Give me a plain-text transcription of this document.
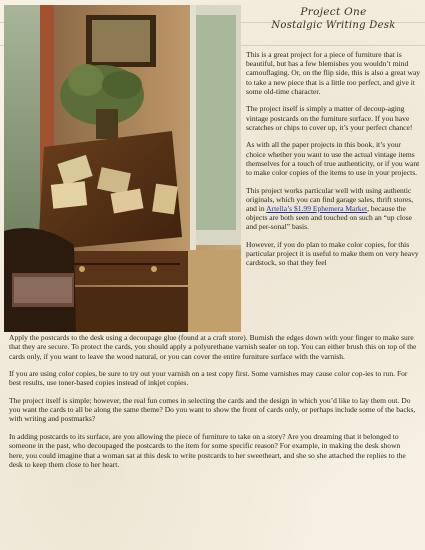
Project One
Nostalgic Writing Desk

This is a great project for a piece of furniture that is beautiful, but has a few blemishes you wouldn’t mind camouflaging. Or, on the flip side, this is also a great way to take a new piece that is a little too perfect, and give it some old-time character.

The project itself is simply a matter of decoup-aging vintage postcards on the furniture surface. If you have scratches or chips to cover up, it’s your perfect chance!

As with all the paper projects in this book, it’s your choice whether you want to use the actual vintage items themselves for a touch of true authenticity, or if you want to make color copies of the items to use in your projects.

This project works particular well with using authentic originals, which you can find garage sales, thrift stores, and in Artella’s $1.99 Ephemera Market, because the objects are both seen and touched on such an “up close and per-sonal” basis.

However, if you do plan to make color copies, for this particular project it is useful to make them on very heavy cardstock, so that they feel

Apply the postcards to the desk using a decoupage glue (found at a craft store). Burnish the edges down with your finger to make sure that they are secure. To protect the cards, you should apply a polyurethane varnish sealer on top. You can either brush this on top of the cards only, if you want to leave the wood natural, or you can cover the entire furniture surface with the varnish.

If you are using color copies, be sure to try out your varnish on a test copy first. Some varnishes may cause color cop-ies to run. For best results, use toner-based copies instead of inkjet copies.

The project itself is simple; however, the real fun comes in selecting the cards and the design in which you’d like to lay them out. Do you want the cards to all be along the same theme? Do you want to show the front of cards only, or perhaps include some of the backs, with writing and postmarks?

In adding postcards to its surface, are you allowing the piece of furniture to take on a story? Are you dreaming that it belonged to someone in the past, who decoupaged the postcards to the item for some specific reason? For example, in making the desk shown here, you could imagine that a woman sat at this desk to write postcards to her sweetheart, and she so she attached the replies to the desk to keep them close to her heart.
